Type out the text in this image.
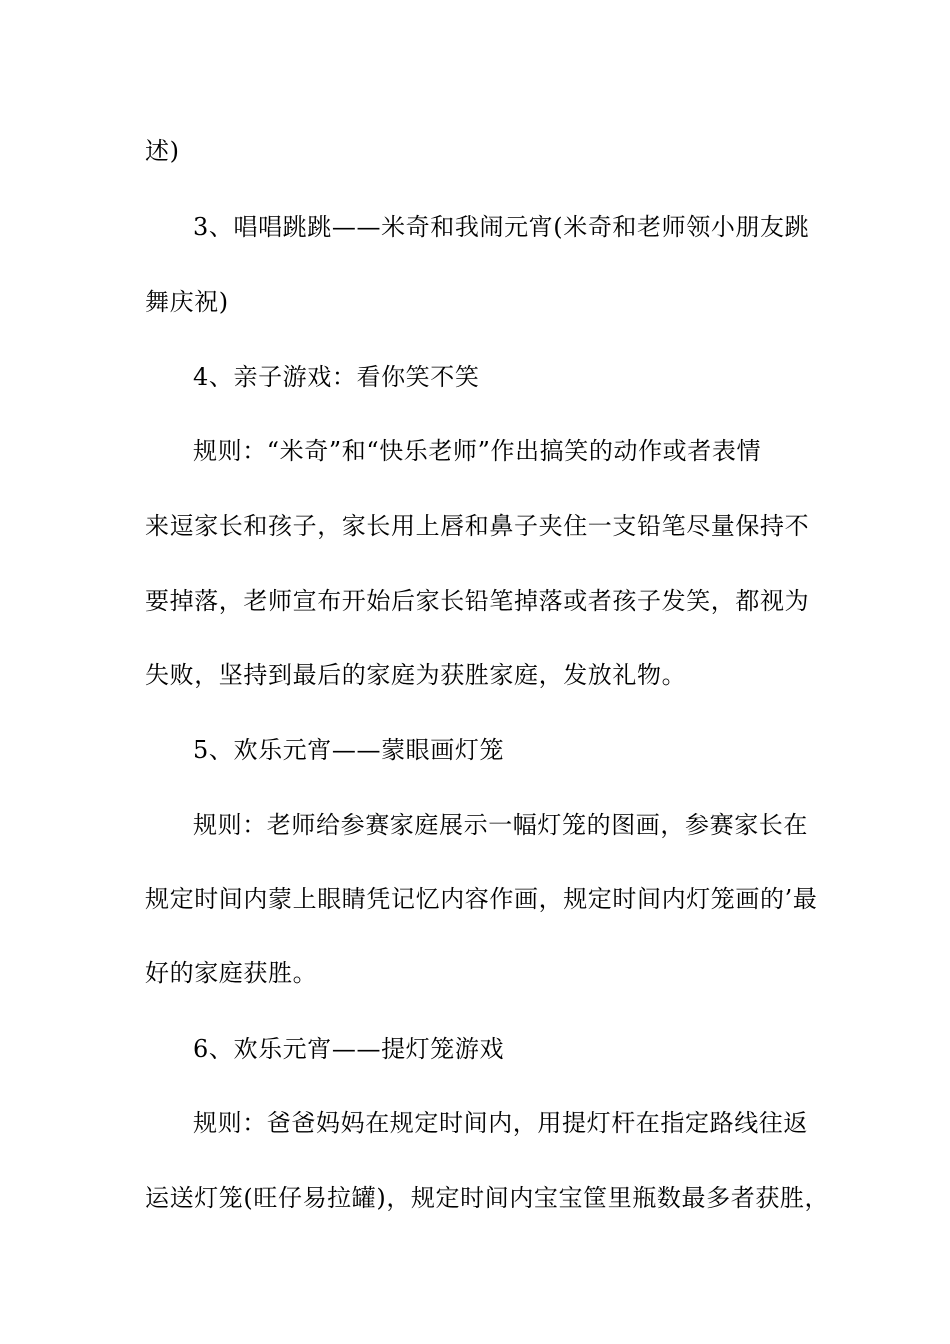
述)
3、唱唱跳跳——米奇和我闹元宵(米奇和老师领小朋友跳
舞庆祝)
4、亲子游戏：看你笑不笑
规则：“米奇”和“快乐老师”作出搞笑的动作或者表情
来逗家长和孩子，家长用上唇和鼻子夹住一支铅笔尽量保持不
要掉落，老师宣布开始后家长铅笔掉落或者孩子发笑，都视为
失败，坚持到最后的家庭为获胜家庭，发放礼物。
5、欢乐元宵——蒙眼画灯笼
规则：老师给参赛家庭展示一幅灯笼的图画，参赛家长在
规定时间内蒙上眼睛凭记忆内容作画，规定时间内灯笼画的’最
好的家庭获胜。
6、欢乐元宵——提灯笼游戏
规则：爸爸妈妈在规定时间内，用提灯杆在指定路线往返
运送灯笼(旺仔易拉罐)，规定时间内宝宝筐里瓶数最多者获胜，
